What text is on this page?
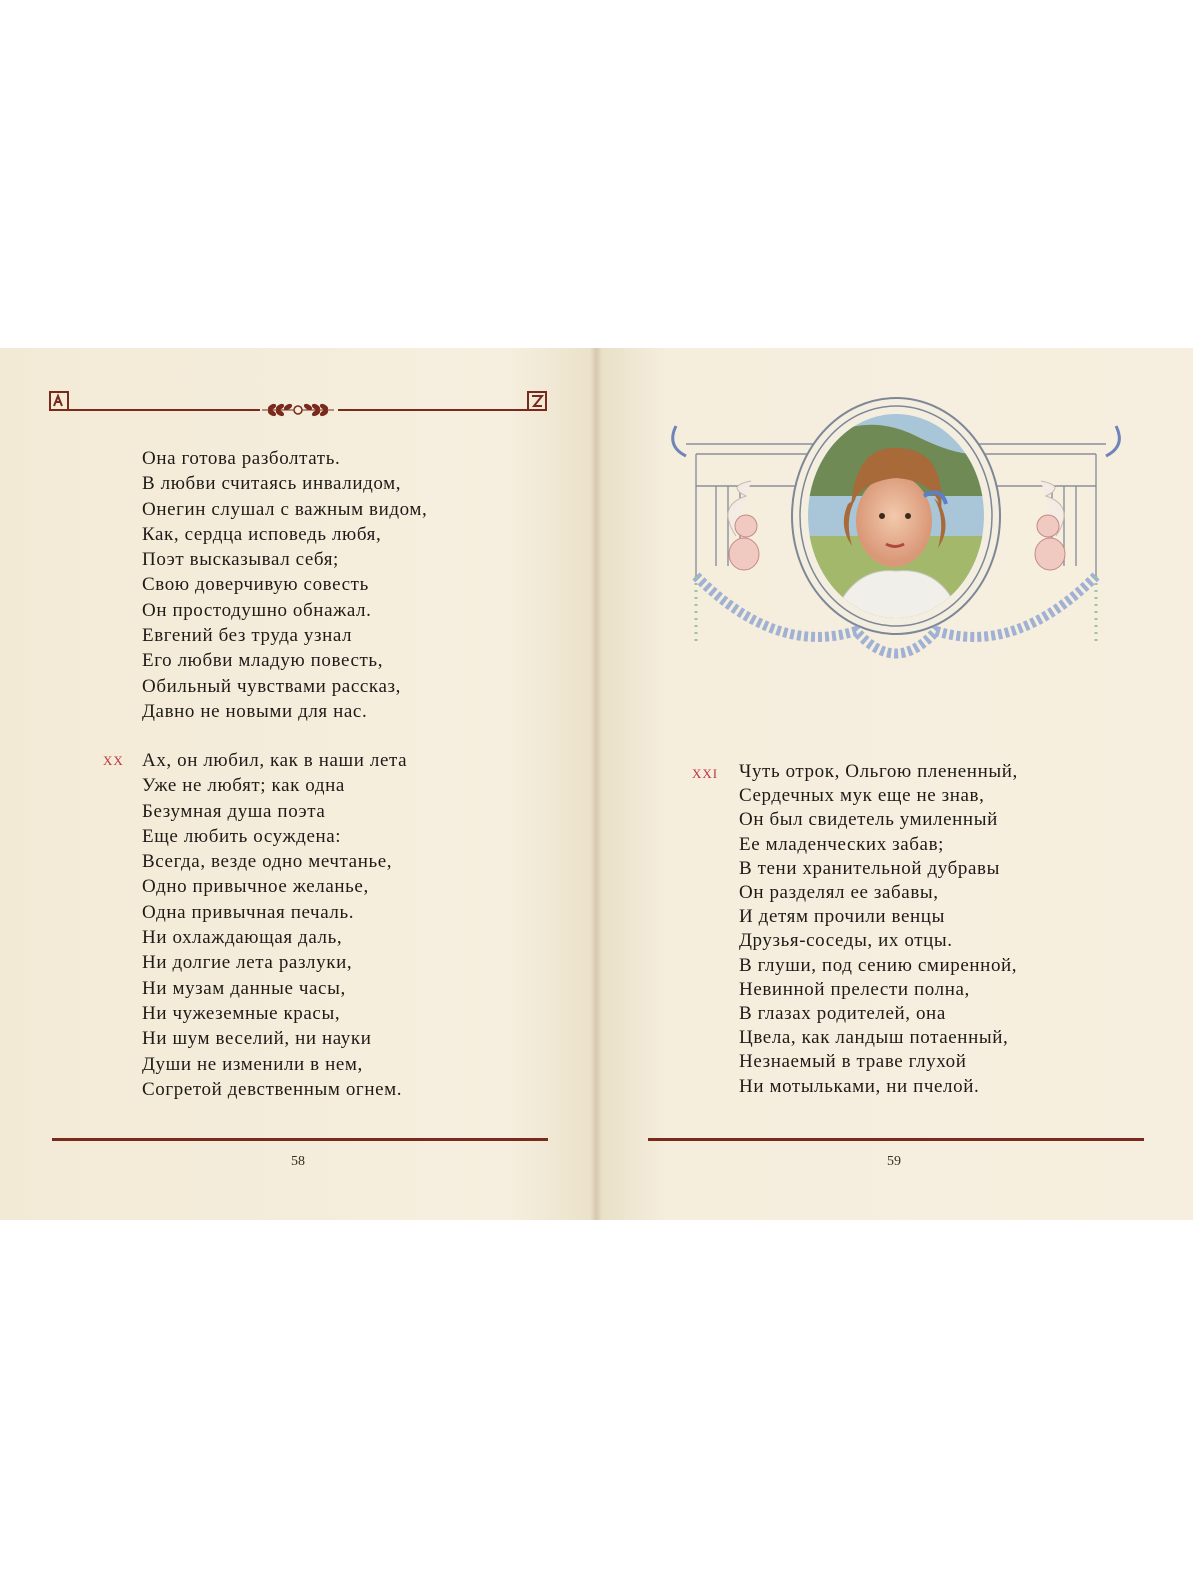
Она готова разболтать.
В любви считаясь инвалидом,
Онегин слушал с важным видом,
Как, сердца исповедь любя,
Поэт высказывал себя;
Свою доверчивую совесть
Он простодушно обнажал.
Евгений без труда узнал
Его любви младую повесть,
Обильный чувствами рассказ,
Давно не новыми для нас.
XX Ах, он любил, как в наши лета
Уже не любят; как одна
Безумная душа поэта
Еще любить осуждена:
Всегда, везде одно мечтанье,
Одно привычное желанье,
Одна привычная печаль.
Ни охлаждающая даль,
Ни долгие лета разлуки,
Ни музам данные часы,
Ни чужеземные красы,
Ни шум веселий, ни науки
Души не изменили в нем,
Согретой девственным огнем.
58
XXI Чуть отрок, Ольгою плененный,
Сердечных мук еще не знав,
Он был свидетель умиленный
Ее младенческих забав;
В тени хранительной дубравы
Он разделял ее забавы,
И детям прочили венцы
Друзья-соседы, их отцы.
В глуши, под сению смиренной,
Невинной прелести полна,
В глазах родителей, она
Цвела, как ландыш потаенный,
Незнаемый в траве глухой
Ни мотыльками, ни пчелой.
59
